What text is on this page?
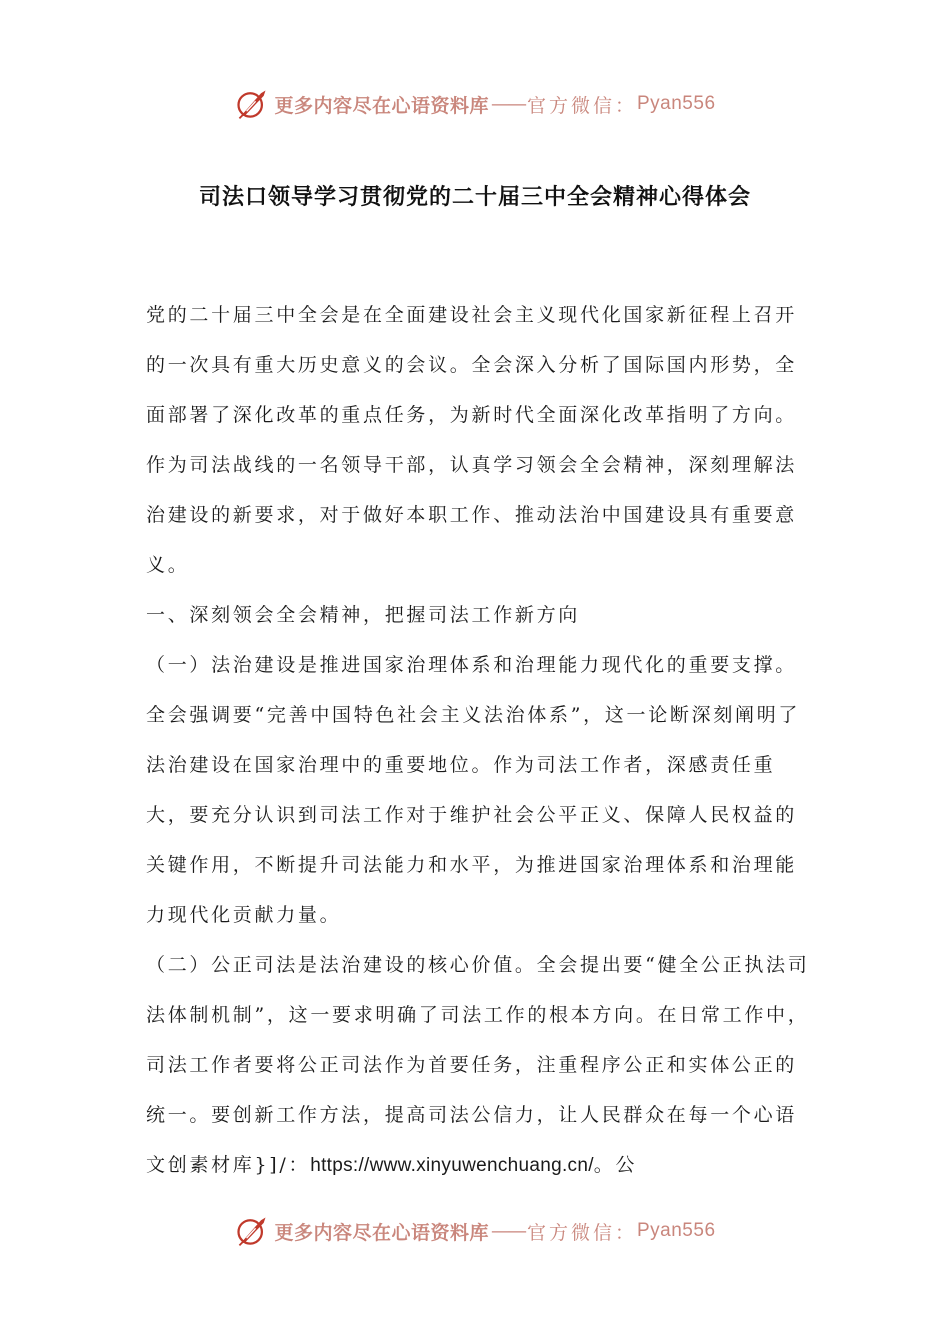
更多内容尽在心语资料库 —— 官方微信： Pyan556
司法口领导学习贯彻党的二十届三中全会精神心得体会

党的二十届三中全会是在全面建设社会主义现代化国家新征程上召开的一次具有重大历史意义的会议。全会深入分析了国际国内形势，全面部署了深化改革的重点任务，为新时代全面深化改革指明了方向。作为司法战线的一名领导干部，认真学习领会全会精神，深刻理解法治建设的新要求，对于做好本职工作、推动法治中国建设具有重要意义。

一、深刻领会全会精神，把握司法工作新方向

（一）法治建设是推进国家治理体系和治理能力现代化的重要支撑。全会强调要“完善中国特色社会主义法治体系”，这一论断深刻阐明了法治建设在国家治理中的重要地位。作为司法工作者，深感责任重大，要充分认识到司法工作对于维护社会公平正义、保障人民权益的关键作用，不断提升司法能力和水平，为推进国家治理体系和治理能力现代化贡献力量。

（二）公正司法是法治建设的核心价值。全会提出要“健全公正执法司法体制机制”，这一要求明确了司法工作的根本方向。在日常工作中，司法工作者要将公正司法作为首要任务，注重程序公正和实体公正的统一。要创新工作方法，提高司法公信力，让人民群众在每一个心语文创素材库}]/：https://www.xinyuwenchuang.cn/。公

更多内容尽在心语资料库 —— 官方微信： Pyan556
